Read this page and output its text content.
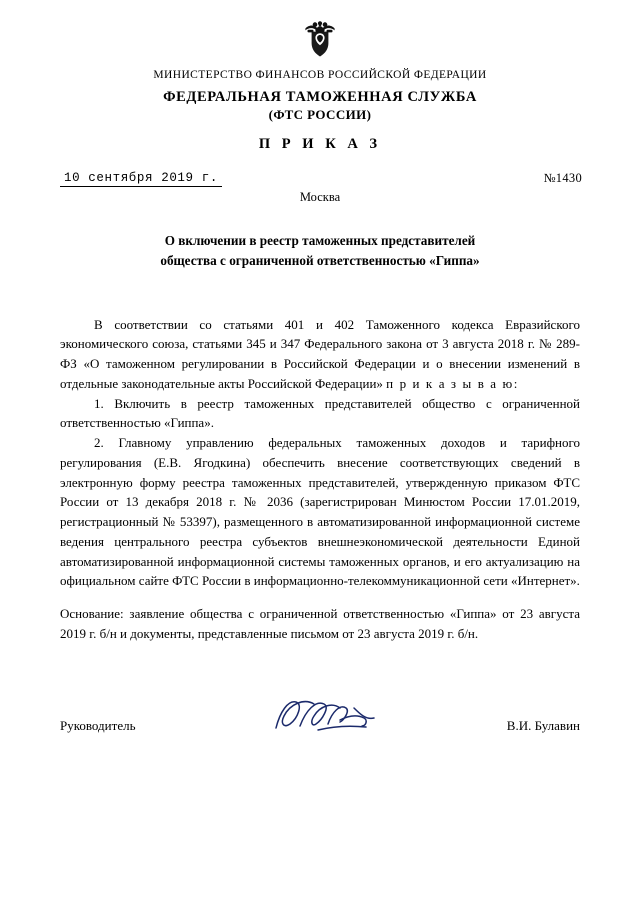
МИНИСТЕРСТВО ФИНАНСОВ РОССИЙСКОЙ ФЕДЕРАЦИИ
ФЕДЕРАЛЬНАЯ ТАМОЖЕННАЯ СЛУЖБА
(ФТС РОССИИ)
П Р И К А З
10 сентября 2019 г.	№1430
Москва
О включении в реестр таможенных представителей
общества с ограниченной ответственностью «Гиппа»

В соответствии со статьями 401 и 402 Таможенного кодекса Евразийского экономического союза, статьями 345 и 347 Федерального закона от 3 августа 2018 г. № 289-ФЗ «О таможенном регулировании в Российской Федерации и о внесении изменений в отдельные законодательные акты Российской Федерации» п р и к а з ы в а ю:

1. Включить в реестр таможенных представителей общество с ограниченной ответственностью «Гиппа».

2. Главному управлению федеральных таможенных доходов и тарифного регулирования (Е.В. Ягодкина) обеспечить внесение соответствующих сведений в электронную форму реестра таможенных представителей, утвержденную приказом ФТС России от 13 декабря 2018 г. № 2036 (зарегистрирован Минюстом России 17.01.2019, регистрационный № 53397), размещенного в автоматизированной информационной системе ведения центрального реестра субъектов внешнеэкономической деятельности Единой автоматизированной информационной системы таможенных органов, и его актуализацию на официальном сайте ФТС России в информационно-телекоммуникационной сети «Интернет».

Основание: заявление общества с ограниченной ответственностью «Гиппа» от 23 августа 2019 г. б/н и документы, представленные письмом от 23 августа 2019 г. б/н.

Руководитель	В.И. Булавин
